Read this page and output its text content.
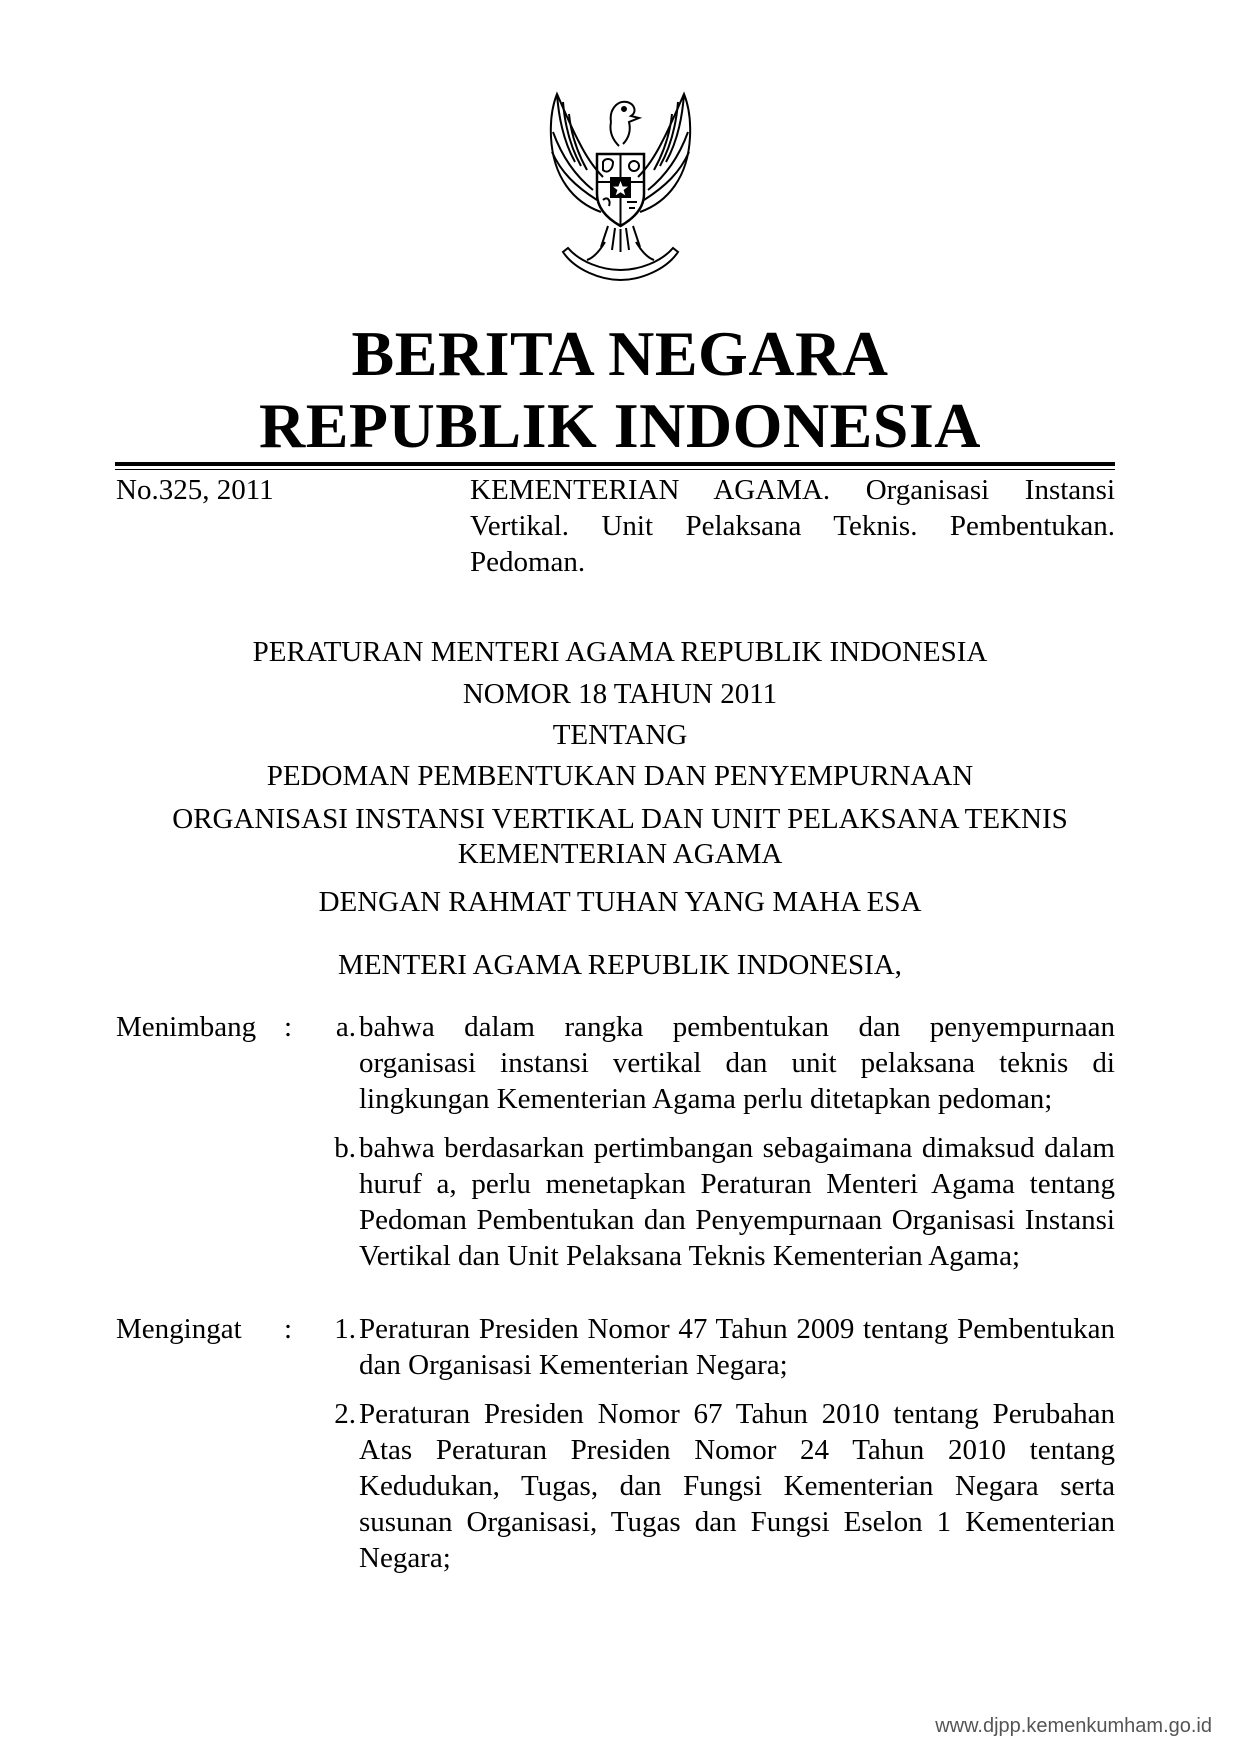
BERITA NEGARA
REPUBLIK INDONESIA
No.325, 2011	KEMENTERIAN AGAMA. Organisasi Instansi Vertikal. Unit Pelaksana Teknis. Pembentukan. Pedoman.
PERATURAN MENTERI AGAMA REPUBLIK INDONESIA
NOMOR 18 TAHUN 2011
TENTANG
PEDOMAN PEMBENTUKAN DAN PENYEMPURNAAN
ORGANISASI INSTANSI VERTIKAL DAN UNIT PELAKSANA TEKNIS
KEMENTERIAN AGAMA
DENGAN RAHMAT TUHAN YANG MAHA ESA
MENTERI AGAMA REPUBLIK INDONESIA,
Menimbang :	a. bahwa dalam rangka pembentukan dan penyempurnaan organisasi instansi vertikal dan unit pelaksana teknis di lingkungan Kementerian Agama perlu ditetapkan pedoman;
b. bahwa berdasarkan pertimbangan sebagaimana dimaksud dalam huruf a, perlu menetapkan Peraturan Menteri Agama tentang Pedoman Pembentukan dan Penyempurnaan Organisasi Instansi Vertikal dan Unit Pelaksana Teknis Kementerian Agama;
Mengingat :	1. Peraturan Presiden Nomor 47 Tahun 2009 tentang Pembentukan dan Organisasi Kementerian Negara;
2. Peraturan Presiden Nomor 67 Tahun 2010 tentang Perubahan Atas Peraturan Presiden Nomor 24 Tahun 2010 tentang Kedudukan, Tugas, dan Fungsi Kementerian Negara serta susunan Organisasi, Tugas dan Fungsi Eselon 1 Kementerian Negara;
www.djpp.kemenkumham.go.id
